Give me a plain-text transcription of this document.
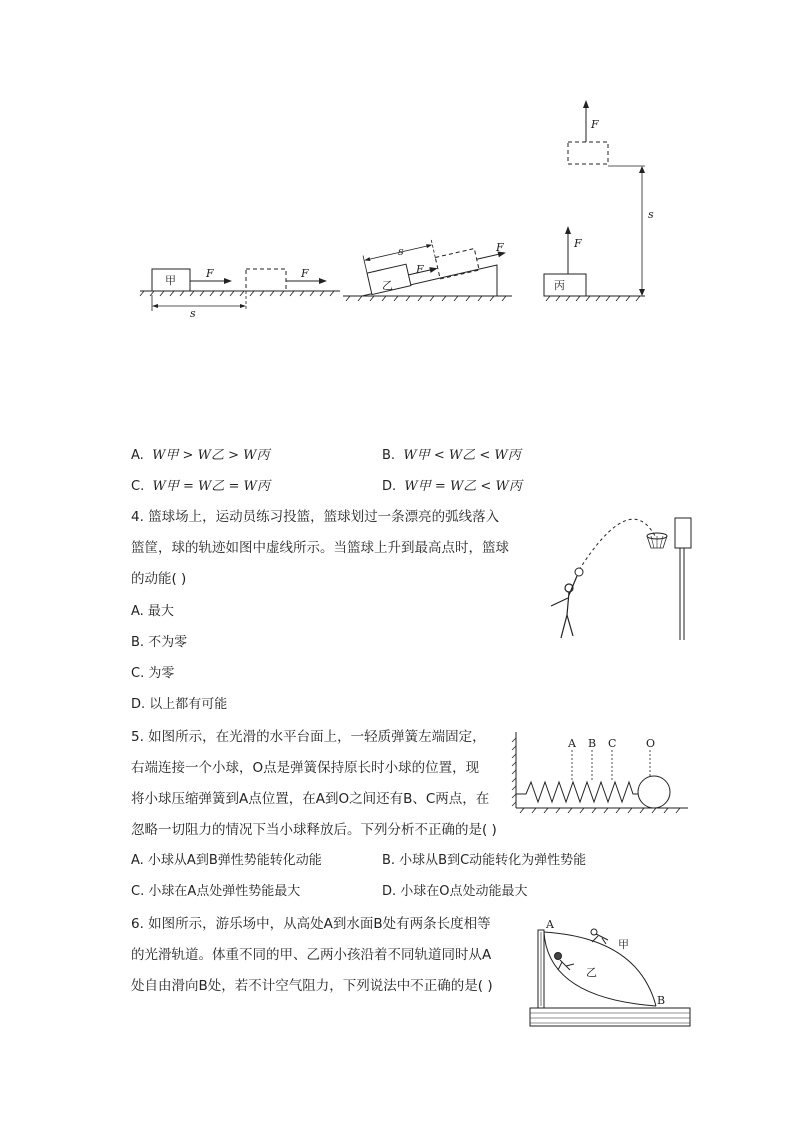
甲
F	F
s
乙
F
F
s
丙
F
F
s
A. W甲 > W乙 > W丙	B. W甲 < W乙 < W丙
C. W甲 = W乙 = W丙	D. W甲 = W乙 < W丙
4. 篮球场上，运动员练习投篮，篮球划过一条漂亮的弧线落入
篮筐，球的轨迹如图中虚线所示。当篮球上升到最高点时，篮球
的动能( )
A. 最大
B. 不为零
C. 为零
D. 以上都有可能
5. 如图所示，在光滑的水平台面上，一轻质弹簧左端固定，
右端连接一个小球，O点是弹簧保持原长时小球的位置，现
将小球压缩弹簧到A点位置，在A到O之间还有B、C两点，在
忽略一切阻力的情况下当小球释放后。下列分析不正确的是( )
A. 小球从A到B弹性势能转化动能	B. 小球从B到C动能转化为弹性势能
C. 小球在A点处弹性势能最大	D. 小球在O点处动能最大
A B C	O
6. 如图所示，游乐场中，从高处A到水面B处有两条长度相等
的光滑轨道。体重不同的甲、乙两小孩沿着不同轨道同时从A
处自由滑向B处，若不计空气阻力，下列说法中不正确的是( )
A
B
甲
乙
